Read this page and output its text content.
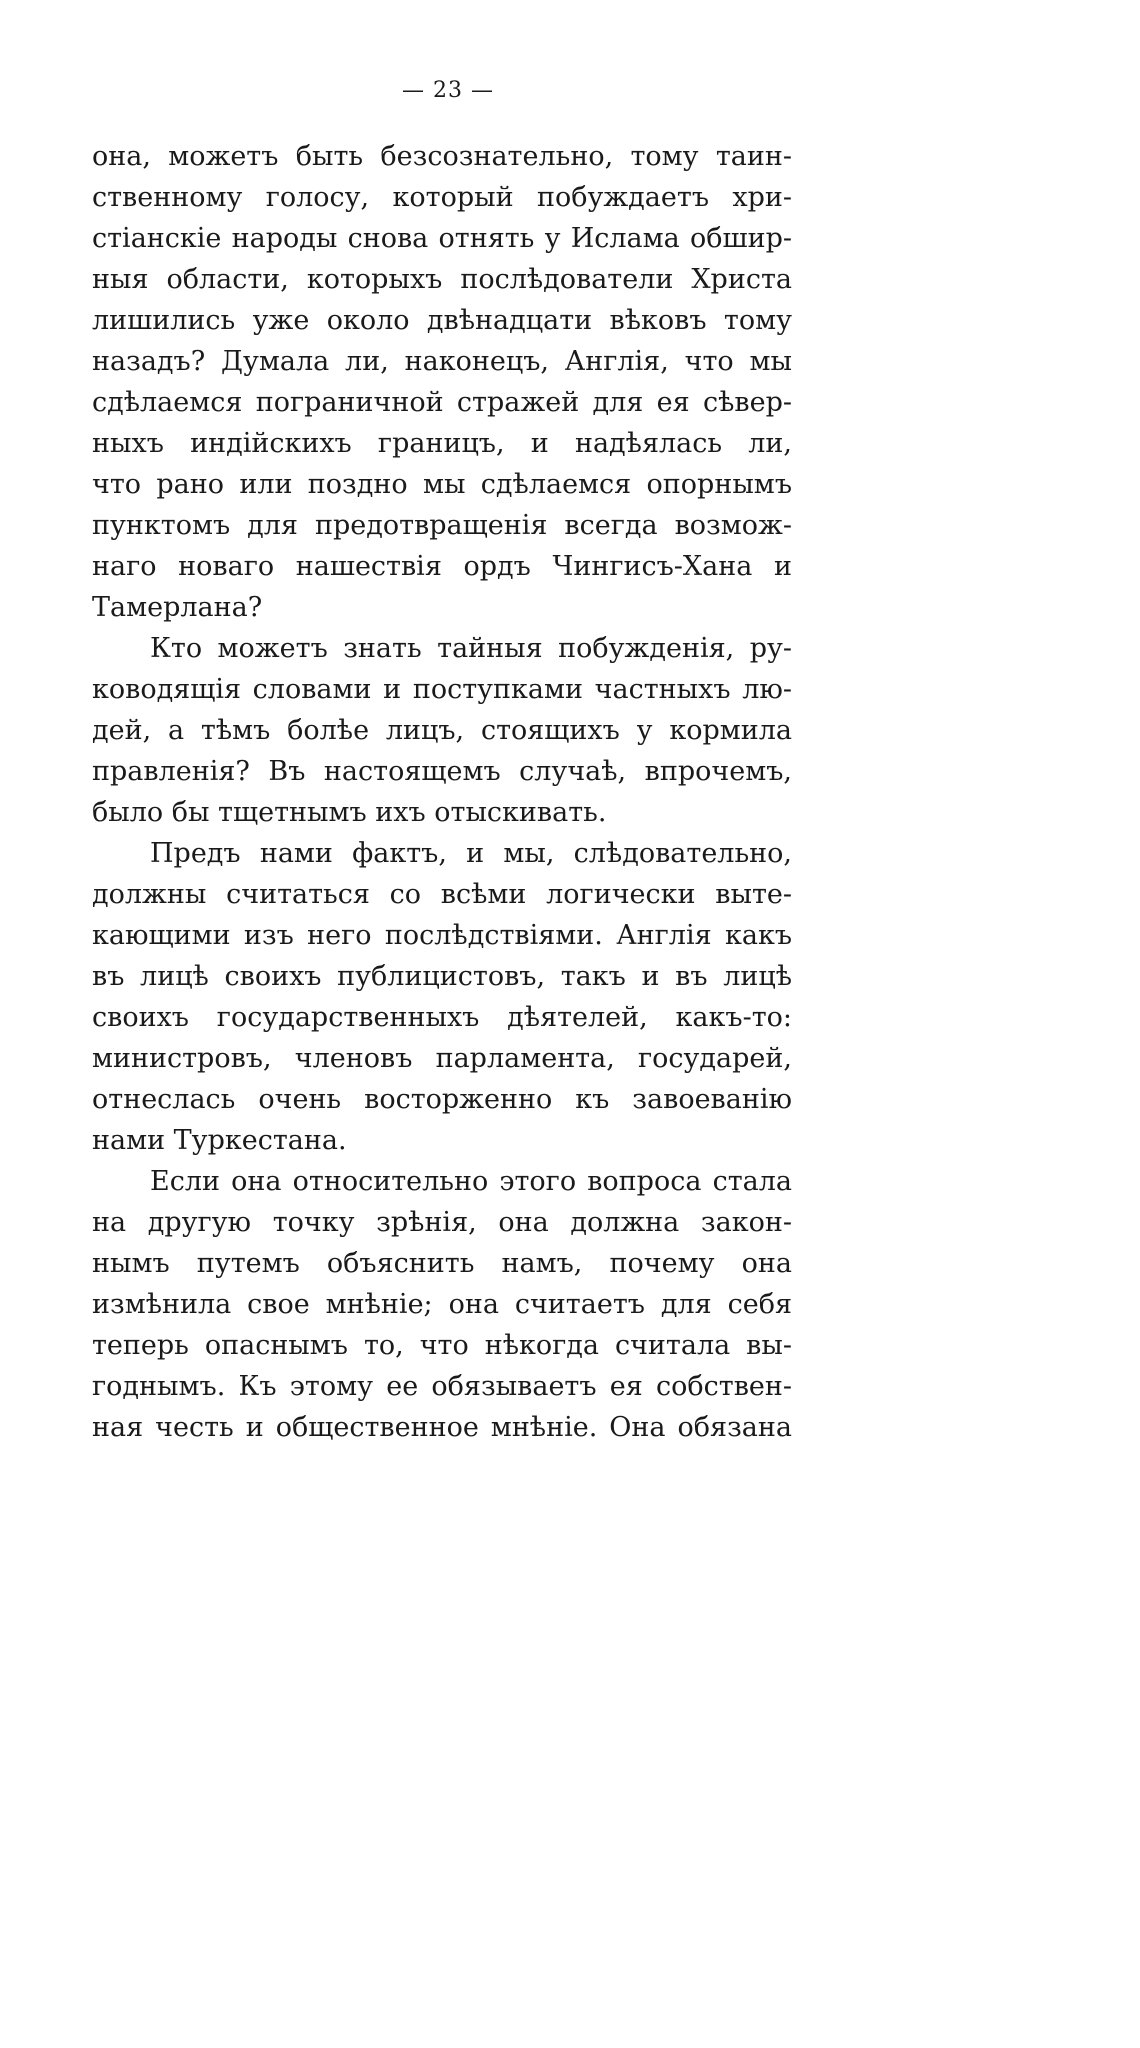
— 23 —
она, можетъ быть безсознательно, тому таин-
ственному голосу, который побуждаетъ хри-
стіанскіе народы снова отнять у Ислама обшир-
ныя области, которыхъ послѣдователи Христа
лишились уже около двѣнадцати вѣковъ тому
назадъ? Думала ли, наконецъ, Англія, что мы
сдѣлаемся пограничной стражей для ея сѣвер-
ныхъ индійскихъ границъ, и надѣялась ли,
что рано или поздно мы сдѣлаемся опорнымъ
пунктомъ для предотвращенія всегда возмож-
наго новаго нашествія ордъ Чингисъ-Хана и
Тамерлана?
Кто можетъ знать тайныя побужденія, ру-
ководящія словами и поступками частныхъ лю-
дей, а тѣмъ болѣе лицъ, стоящихъ у кормила
правленія? Въ настоящемъ случаѣ, впрочемъ,
было бы тщетнымъ ихъ отыскивать.
Предъ нами фактъ, и мы, слѣдовательно,
должны считаться со всѣми логически выте-
кающими изъ него послѣдствіями. Англія какъ
въ лицѣ своихъ публицистовъ, такъ и въ лицѣ
своихъ государственныхъ дѣятелей, какъ-то:
министровъ, членовъ парламента, государей,
отнеслась очень восторженно къ завоеванію
нами Туркестана.
Если она относительно этого вопроса стала
на другую точку зрѣнія, она должна закон-
нымъ путемъ объяснить намъ, почему она
измѣнила свое мнѣніе; она считаетъ для себя
теперь опаснымъ то, что нѣкогда считала вы-
годнымъ. Къ этому ее обязываетъ ея собствен-
ная честь и общественное мнѣніе. Она обязана
